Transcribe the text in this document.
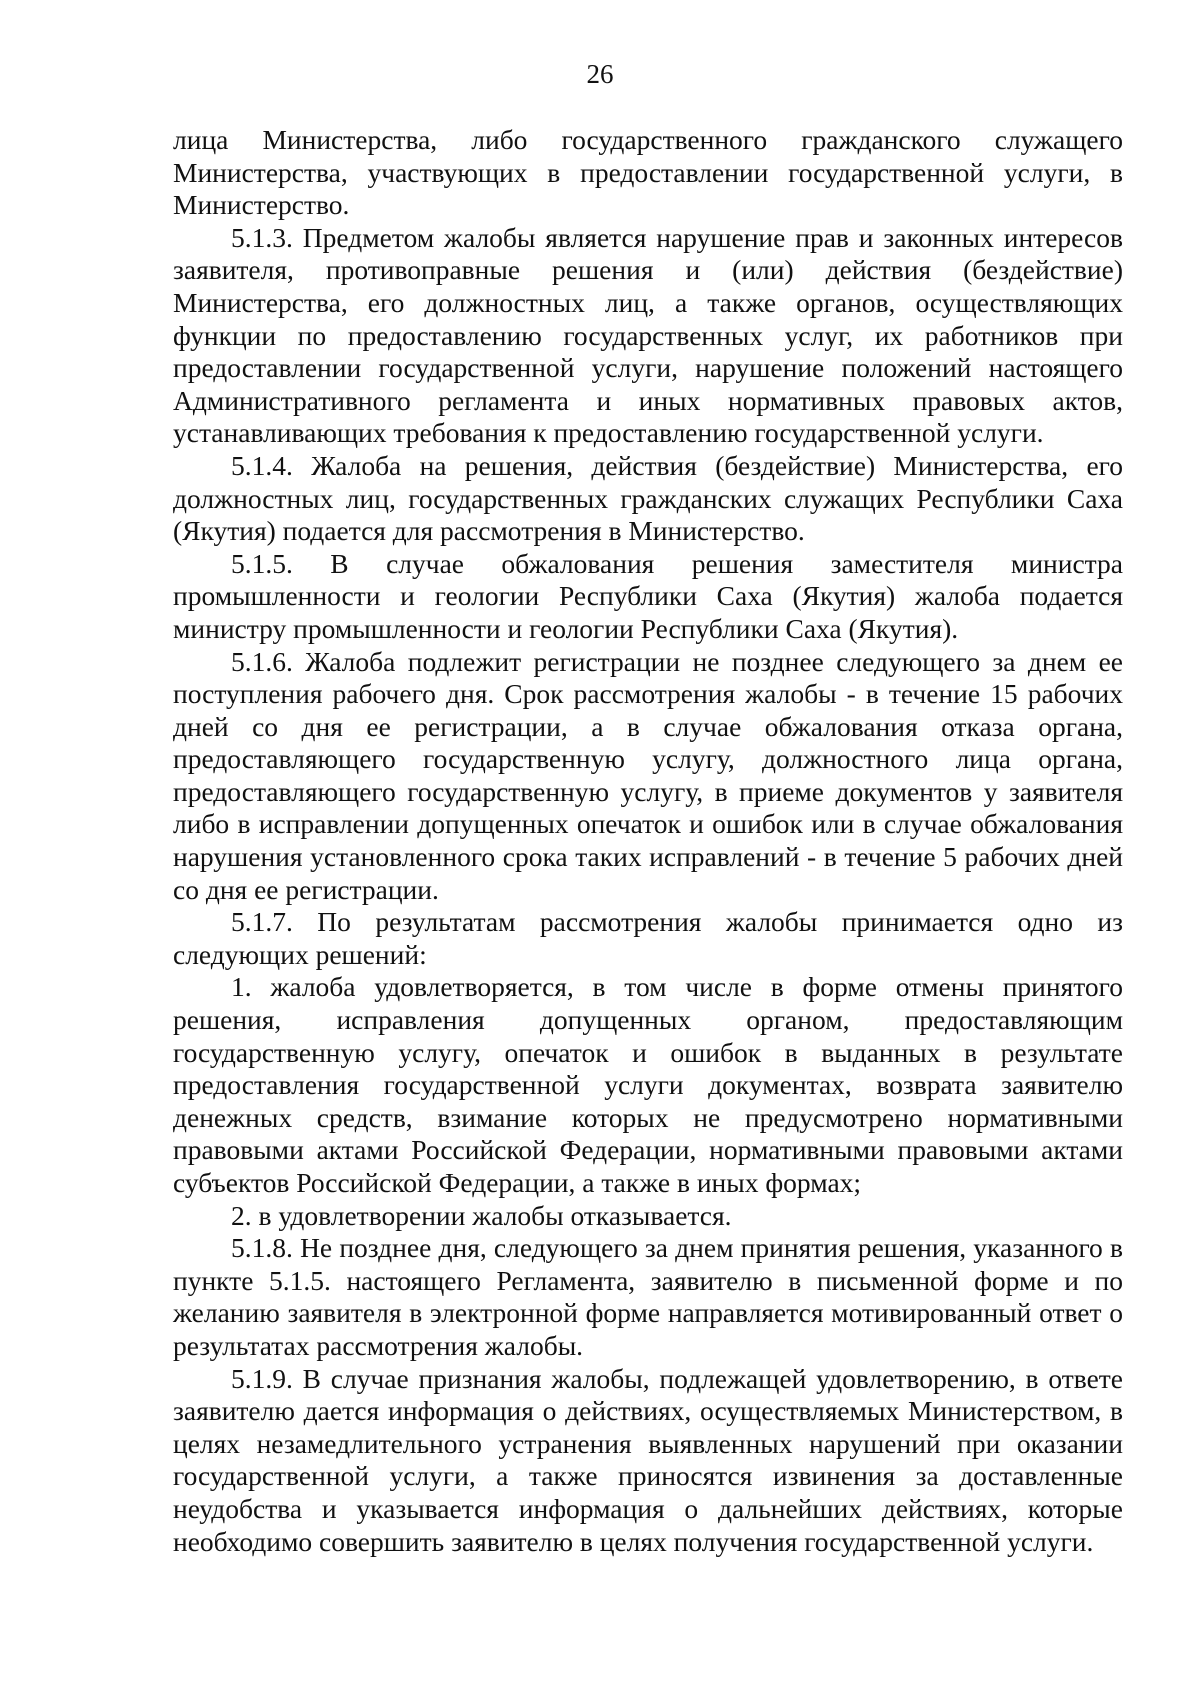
26

лица Министерства, либо государственного гражданского служащего Министерства, участвующих в предоставлении государственной услуги, в Министерство.

5.1.3. Предметом жалобы является нарушение прав и законных интересов заявителя, противоправные решения и (или) действия (бездействие) Министерства, его должностных лиц, а также органов, осуществляющих функции по предоставлению государственных услуг, их работников при предоставлении государственной услуги, нарушение положений настоящего Административного регламента и иных нормативных правовых актов, устанавливающих требования к предоставлению государственной услуги.

5.1.4. Жалоба на решения, действия (бездействие) Министерства, его должностных лиц, государственных гражданских служащих Республики Саха (Якутия) подается для рассмотрения в Министерство.

5.1.5. В случае обжалования решения заместителя министра промышленности и геологии Республики Саха (Якутия) жалоба подается министру промышленности и геологии Республики Саха (Якутия).

5.1.6. Жалоба подлежит регистрации не позднее следующего за днем ее поступления рабочего дня. Срок рассмотрения жалобы - в течение 15 рабочих дней со дня ее регистрации, а в случае обжалования отказа органа, предоставляющего государственную услугу, должностного лица органа, предоставляющего государственную услугу, в приеме документов у заявителя либо в исправлении допущенных опечаток и ошибок или в случае обжалования нарушения установленного срока таких исправлений - в течение 5 рабочих дней со дня ее регистрации.

5.1.7. По результатам рассмотрения жалобы принимается одно из следующих решений:

1. жалоба удовлетворяется, в том числе в форме отмены принятого решения, исправления допущенных органом, предоставляющим государственную услугу, опечаток и ошибок в выданных в результате предоставления государственной услуги документах, возврата заявителю денежных средств, взимание которых не предусмотрено нормативными правовыми актами Российской Федерации, нормативными правовыми актами субъектов Российской Федерации, а также в иных формах;

2. в удовлетворении жалобы отказывается.

5.1.8. Не позднее дня, следующего за днем принятия решения, указанного в пункте 5.1.5. настоящего Регламента, заявителю в письменной форме и по желанию заявителя в электронной форме направляется мотивированный ответ о результатах рассмотрения жалобы.

5.1.9. В случае признания жалобы, подлежащей удовлетворению, в ответе заявителю дается информация о действиях, осуществляемых Министерством, в целях незамедлительного устранения выявленных нарушений при оказании государственной услуги, а также приносятся извинения за доставленные неудобства и указывается информация о дальнейших действиях, которые необходимо совершить заявителю в целях получения государственной услуги.
